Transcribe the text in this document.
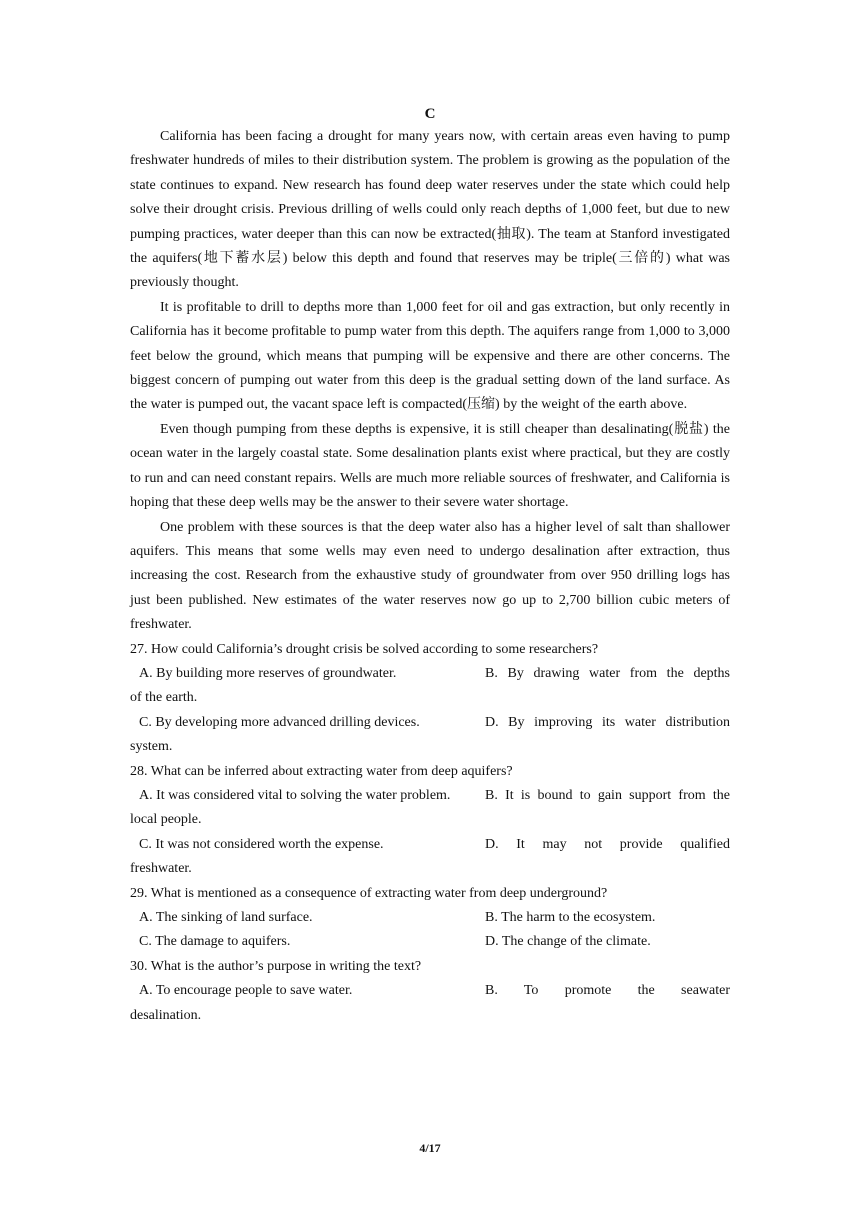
C

California has been facing a drought for many years now, with certain areas even having to pump freshwater hundreds of miles to their distribution system. The problem is growing as the population of the state continues to expand. New research has found deep water reserves under the state which could help solve their drought crisis. Previous drilling of wells could only reach depths of 1,000 feet, but due to new pumping practices, water deeper than this can now be extracted(抽取). The team at Stanford investigated the aquifers(地下蓄水层) below this depth and found that reserves may be triple(三倍的) what was previously thought.

It is profitable to drill to depths more than 1,000 feet for oil and gas extraction, but only recently in California has it become profitable to pump water from this depth. The aquifers range from 1,000 to 3,000 feet below the ground, which means that pumping will be expensive and there are other concerns. The biggest concern of pumping out water from this deep is the gradual setting down of the land surface. As the water is pumped out, the vacant space left is compacted(压缩) by the weight of the earth above.

Even though pumping from these depths is expensive, it is still cheaper than desalinating(脱盐) the ocean water in the largely coastal state. Some desalination plants exist where practical, but they are costly to run and can need constant repairs. Wells are much more reliable sources of freshwater, and California is hoping that these deep wells may be the answer to their severe water shortage.

One problem with these sources is that the deep water also has a higher level of salt than shallower aquifers. This means that some wells may even need to undergo desalination after extraction, thus increasing the cost. Research from the exhaustive study of groundwater from over 950 drilling logs has just been published. New estimates of the water reserves now go up to 2,700 billion cubic meters of freshwater.

27. How could California’s drought crisis be solved according to some researchers?

A. By building more reserves of groundwater.	B. By drawing water from the depths
of the earth.
C. By developing more advanced drilling devices.	D. By improving its water distribution
system.

28. What can be inferred about extracting water from deep aquifers?

A. It was considered vital to solving the water problem.	B. It is bound to gain support from the
local people.
C. It was not considered worth the expense.	D. It may not provide qualified
freshwater.

29. What is mentioned as a consequence of extracting water from deep underground?

A. The sinking of land surface.	B. The harm to the ecosystem.
C. The damage to aquifers.	D. The change of the climate.

30. What is the author’s purpose in writing the text?

A. To encourage people to save water.	B. To promote the seawater
desalination.
4/17
